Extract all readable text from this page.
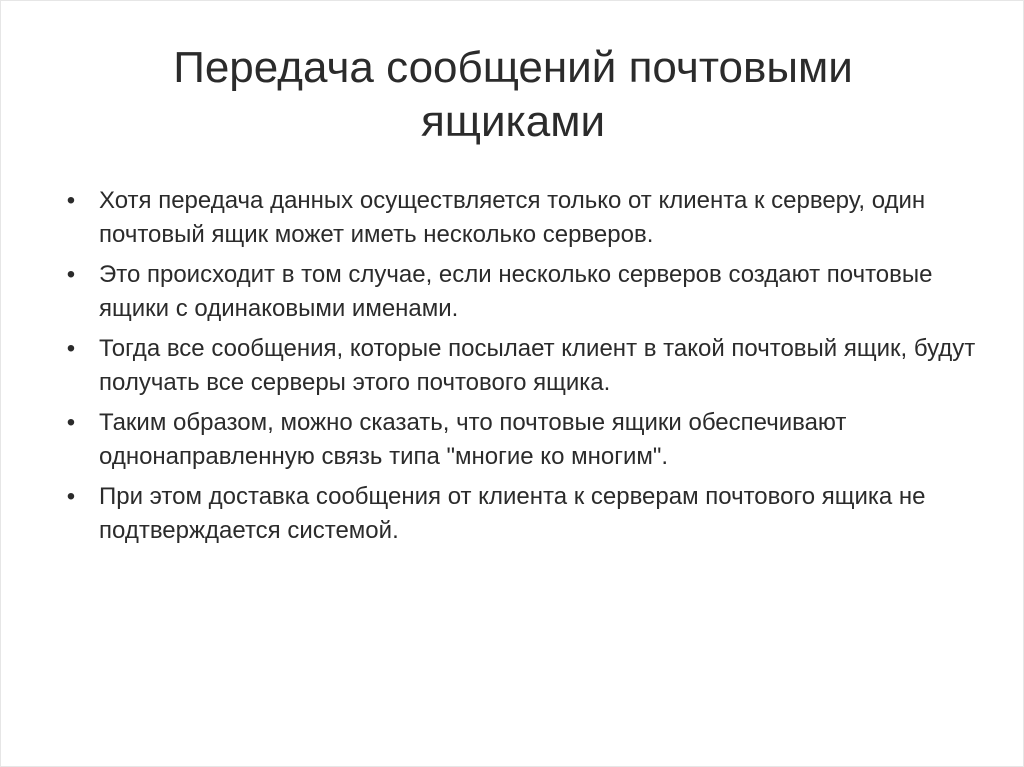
Передача сообщений почтовыми ящиками
• Хотя передача данных осуществляется только от клиента к серверу, один почтовый ящик может иметь несколько серверов.
• Это происходит в том случае, если несколько серверов создают почтовые ящики с одинаковыми именами.
• Тогда все сообщения, которые посылает клиент в такой почтовый ящик, будут получать все серверы этого почтового ящика.
• Таким образом, можно сказать, что почтовые ящики обеспечивают однонаправленную связь типа "многие ко многим".
• При этом доставка сообщения от клиента к серверам почтового ящика не подтверждается системой.
